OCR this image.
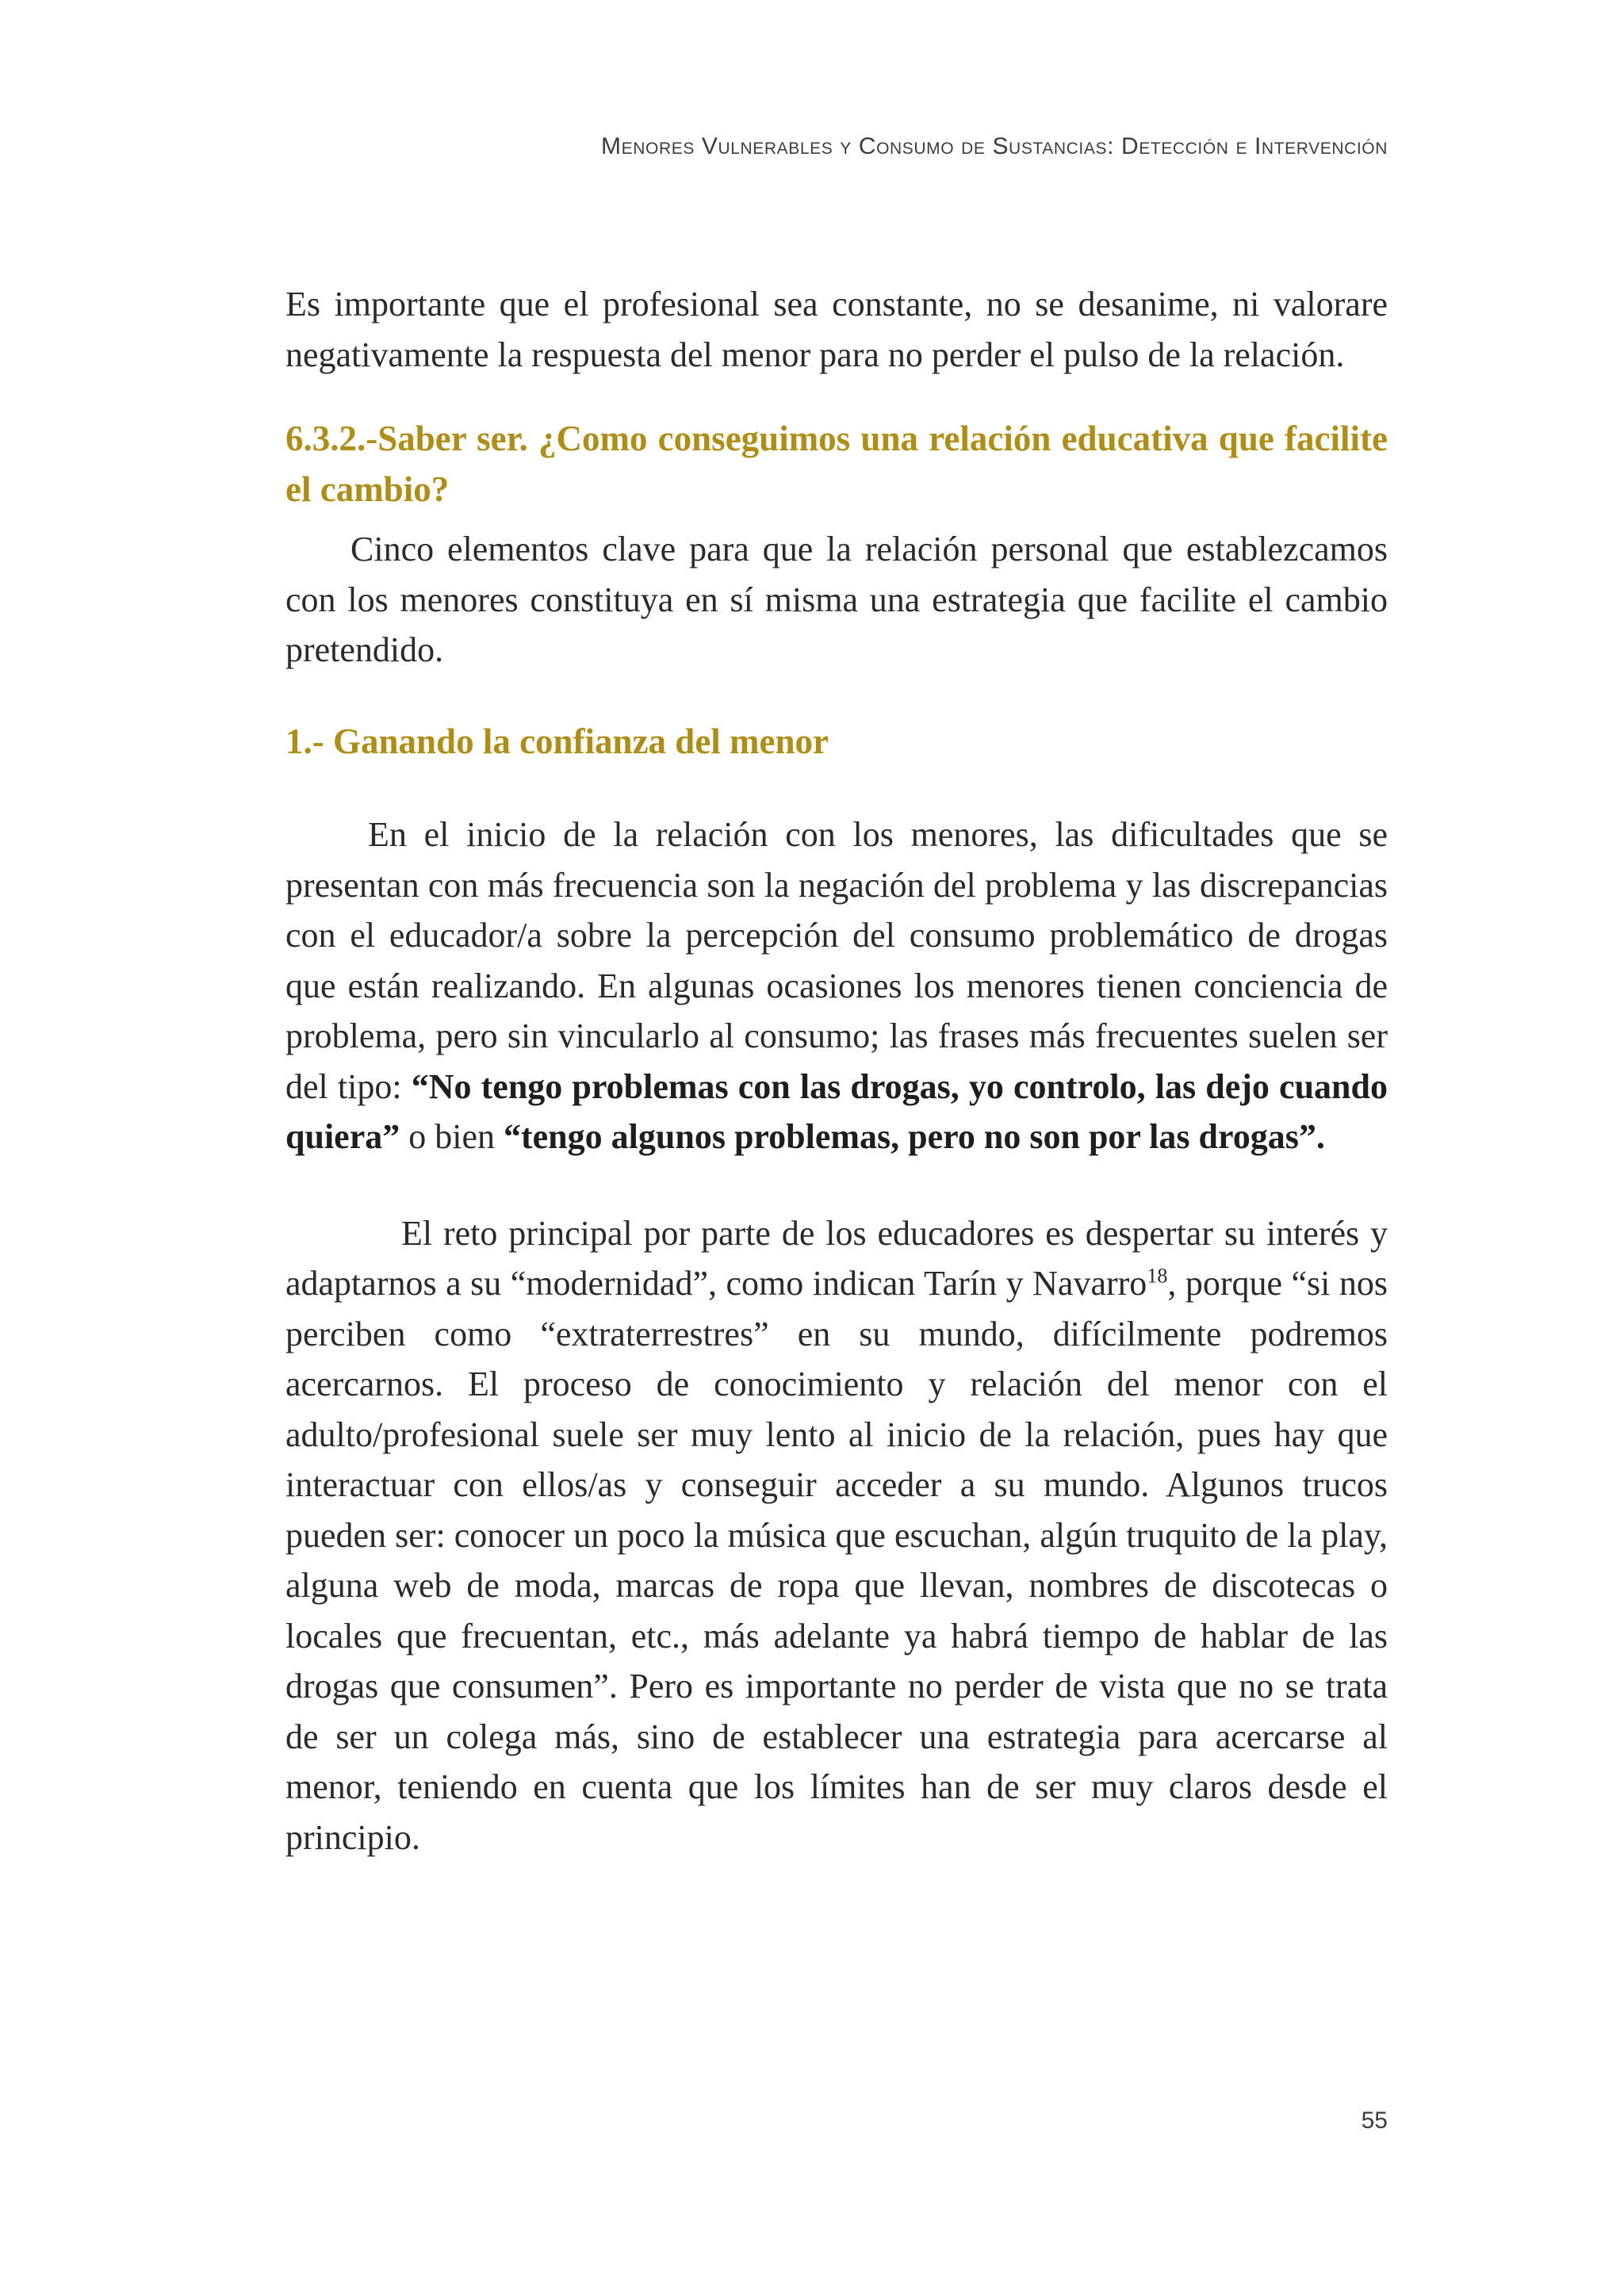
Menores Vulnerables y Consumo de Sustancias: Detección e Intervención

Es importante que el profesional sea constante, no se desanime, ni valorare negativamente la respuesta del menor para no perder el pulso de la relación.

6.3.2.-Saber ser. ¿Como conseguimos una relación educativa que facilite el cambio?

Cinco elementos clave para que la relación personal que establezcamos con los menores constituya en sí misma una estrategia que facilite el cambio pretendido.

1.- Ganando la confianza del menor

En el inicio de la relación con los menores, las dificultades que se presentan con más frecuencia son la negación del problema y las discrepancias con el educador/a sobre la percepción del consumo problemático de drogas que están realizando. En algunas ocasiones los menores tienen conciencia de problema, pero sin vincularlo al consumo; las frases más frecuentes suelen ser del tipo: “No tengo problemas con las drogas, yo controlo, las dejo cuando quiera” o bien “tengo algunos problemas, pero no son por las drogas”.

El reto principal por parte de los educadores es despertar su interés y adaptarnos a su “modernidad”, como indican Tarín y Navarro$^{18}$, porque “si nos perciben como “extraterrestres” en su mundo, difícilmente podremos acercarnos. El proceso de conocimiento y relación del menor con el adulto/profesional suele ser muy lento al inicio de la relación, pues hay que interactuar con ellos/as y conseguir acceder a su mundo. Algunos trucos pueden ser: conocer un poco la música que escuchan, algún truquito de la play, alguna web de moda, marcas de ropa que llevan, nombres de discotecas o locales que frecuentan, etc., más adelante ya habrá tiempo de hablar de las drogas que consumen”. Pero es importante no perder de vista que no se trata de ser un colega más, sino de establecer una estrategia para acercarse al menor, teniendo en cuenta que los límites han de ser muy claros desde el principio.

55
